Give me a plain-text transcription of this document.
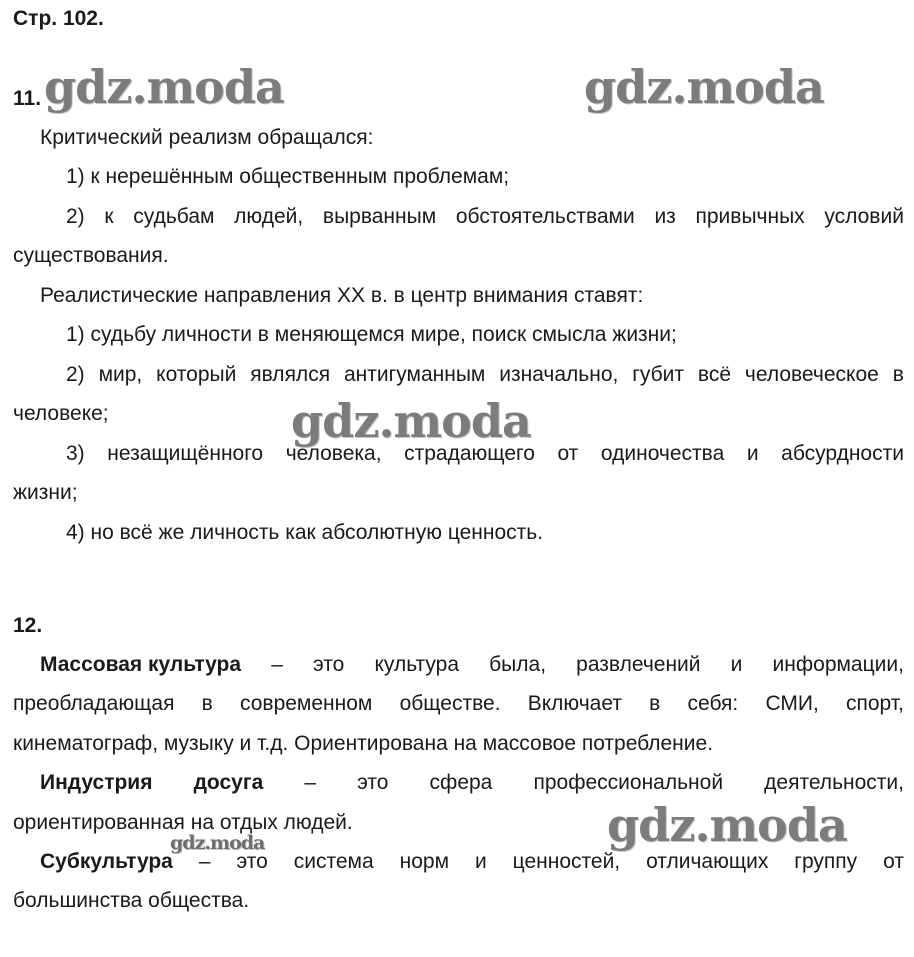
Стр. 102.
11.
Критический реализм обращался:
1) к нерешённым общественным проблемам;
2) к судьбам людей, вырванным обстоятельствами из привычных условий
существования.
Реалистические направления XX в. в центр внимания ставят:
1) судьбу личности в меняющемся мире, поиск смысла жизни;
2) мир, который являлся антигуманным изначально, губит всё человеческое в
человеке;
3) незащищённого человека, страдающего от одиночества и абсурдности
жизни;
4) но всё же личность как абсолютную ценность.
12.
Массовая культура – это культура была, развлечений и информации,
преобладающая в современном обществе. Включает в себя: СМИ, спорт,
кинематограф, музыку и т.д. Ориентирована на массовое потребление.
Индустрия досуга – это сфера профессиональной деятельности,
ориентированная на отдых людей.
Субкультура – это система норм и ценностей, отличающих группу от
большинства общества.
gdz.moda	gdz.moda
gdz.moda
gdz.moda
gdz.moda
